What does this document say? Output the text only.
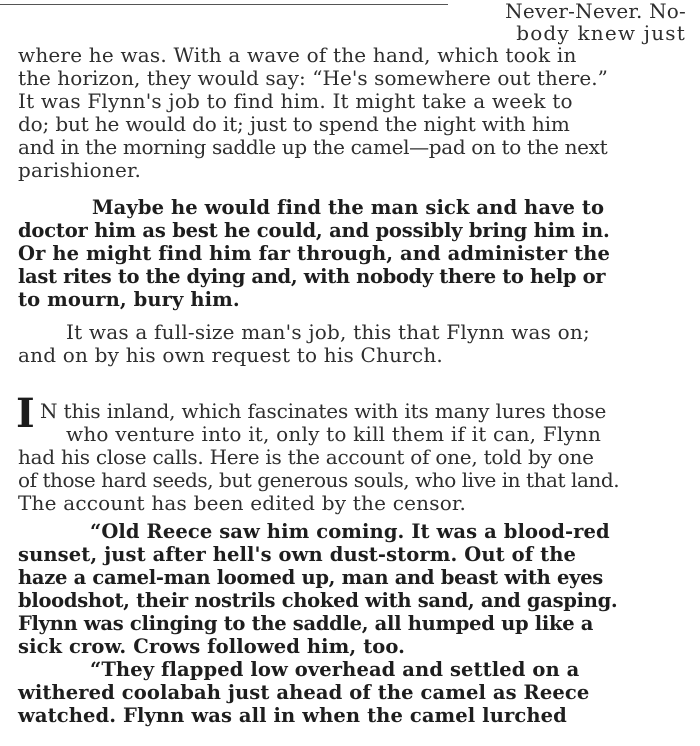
Never-Never. No-
body knew just
where he was. With a wave of the hand, which took in
the horizon, they would say: “He's somewhere out there.”
It was Flynn's job to find him. It might take a week to
do; but he would do it; just to spend the night with him
and in the morning saddle up the camel—pad on to the next
parishioner.
Maybe he would find the man sick and have to
doctor him as best he could, and possibly bring him in.
Or he might find him far through, and administer the
last rites to the dying and, with nobody there to help or
to mourn, bury him.
It was a full-size man's job, this that Flynn was on;
and on by his own request to his Church.
I N this inland, which fascinates with its many lures those
who venture into it, only to kill them if it can, Flynn
had his close calls. Here is the account of one, told by one
of those hard seeds, but generous souls, who live in that land.
The account has been edited by the censor.
“Old Reece saw him coming. It was a blood-red
sunset, just after hell's own dust-storm. Out of the
haze a camel-man loomed up, man and beast with eyes
bloodshot, their nostrils choked with sand, and gasping.
Flynn was clinging to the saddle, all humped up like a
sick crow. Crows followed him, too.
“They flapped low overhead and settled on a
withered coolabah just ahead of the camel as Reece
watched. Flynn was all in when the camel lurched
